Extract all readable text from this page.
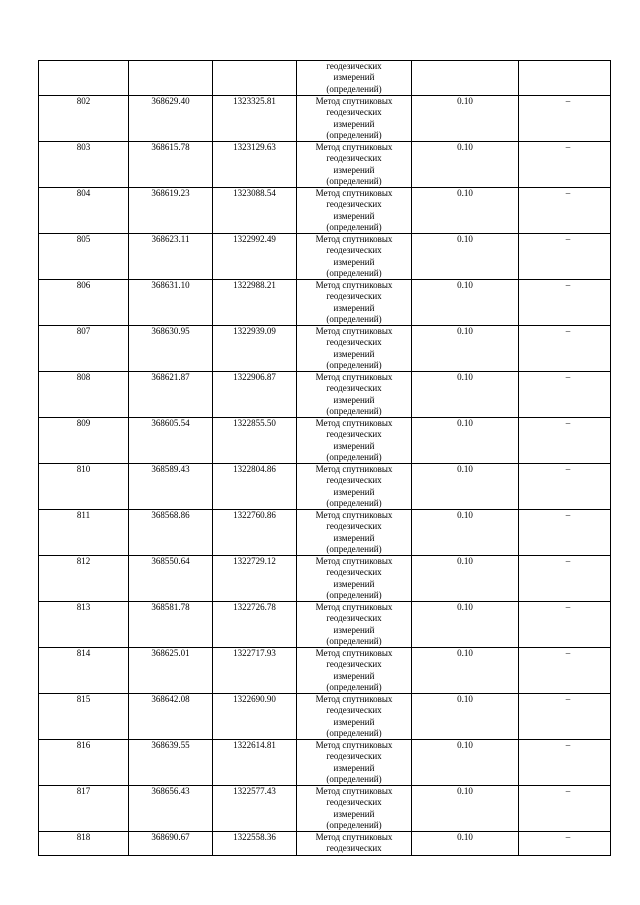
			геодезических
измерений
(определений)		

802	368629.40	1323325.81	Метод спутниковых
геодезических
измерений
(определений)	0.10	–

803	368615.78	1323129.63	Метод спутниковых
геодезических
измерений
(определений)	0.10	–

804	368619.23	1323088.54	Метод спутниковых
геодезических
измерений
(определений)	0.10	–

805	368623.11	1322992.49	Метод спутниковых
геодезических
измерений
(определений)	0.10	–

806	368631.10	1322988.21	Метод спутниковых
геодезических
измерений
(определений)	0.10	–

807	368630.95	1322939.09	Метод спутниковых
геодезических
измерений
(определений)	0.10	–

808	368621.87	1322906.87	Метод спутниковых
геодезических
измерений
(определений)	0.10	–

809	368605.54	1322855.50	Метод спутниковых
геодезических
измерений
(определений)	0.10	–

810	368589.43	1322804.86	Метод спутниковых
геодезических
измерений
(определений)	0.10	–

811	368568.86	1322760.86	Метод спутниковых
геодезических
измерений
(определений)	0.10	–

812	368550.64	1322729.12	Метод спутниковых
геодезических
измерений
(определений)	0.10	–

813	368581.78	1322726.78	Метод спутниковых
геодезических
измерений
(определений)	0.10	–

814	368625.01	1322717.93	Метод спутниковых
геодезических
измерений
(определений)	0.10	–

815	368642.08	1322690.90	Метод спутниковых
геодезических
измерений
(определений)	0.10	–

816	368639.55	1322614.81	Метод спутниковых
геодезических
измерений
(определений)	0.10	–

817	368656.43	1322577.43	Метод спутниковых
геодезических
измерений
(определений)	0.10	–

818	368690.67	1322558.36	Метод спутниковых
геодезических	0.10	–
